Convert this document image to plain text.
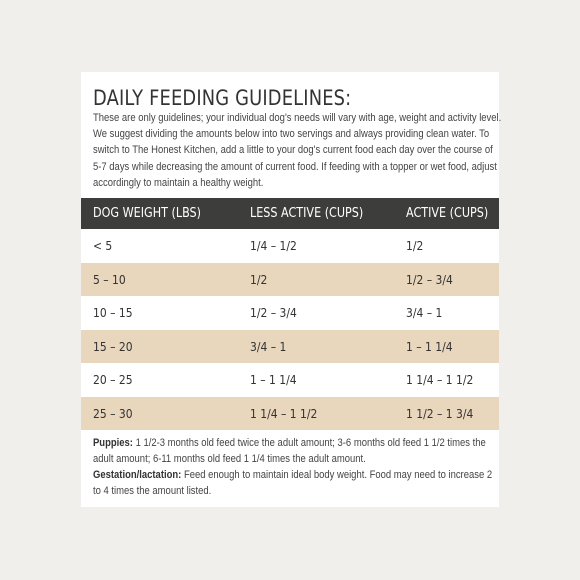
DAILY FEEDING GUIDELINES:
These are only guidelines; your individual dog's needs will vary with age, weight and activity level. We suggest dividing the amounts below into two servings and always providing clean water. To switch to The Honest Kitchen, add a little to your dog's current food each day over the course of 5-7 days while decreasing the amount of current food. If feeding with a topper or wet food, adjust accordingly to maintain a healthy weight.
DOG WEIGHT (LBS)	LESS ACTIVE (CUPS)	ACTIVE (CUPS)
< 5	1/4 – 1/2	1/2
5 – 10	1/2	1/2 – 3/4
10 – 15	1/2 – 3/4	3/4 – 1
15 – 20	3/4 – 1	1 – 1 1/4
20 – 25	1 – 1 1/4	1 1/4 – 1 1/2
25 – 30	1 1/4 – 1 1/2	1 1/2 – 1 3/4
Puppies: 1 1/2-3 months old feed twice the adult amount; 3-6 months old feed 1 1/2 times the adult amount; 6-11 months old feed 1 1/4 times the adult amount.
Gestation/lactation: Feed enough to maintain ideal body weight. Food may need to increase 2 to 4 times the amount listed.
